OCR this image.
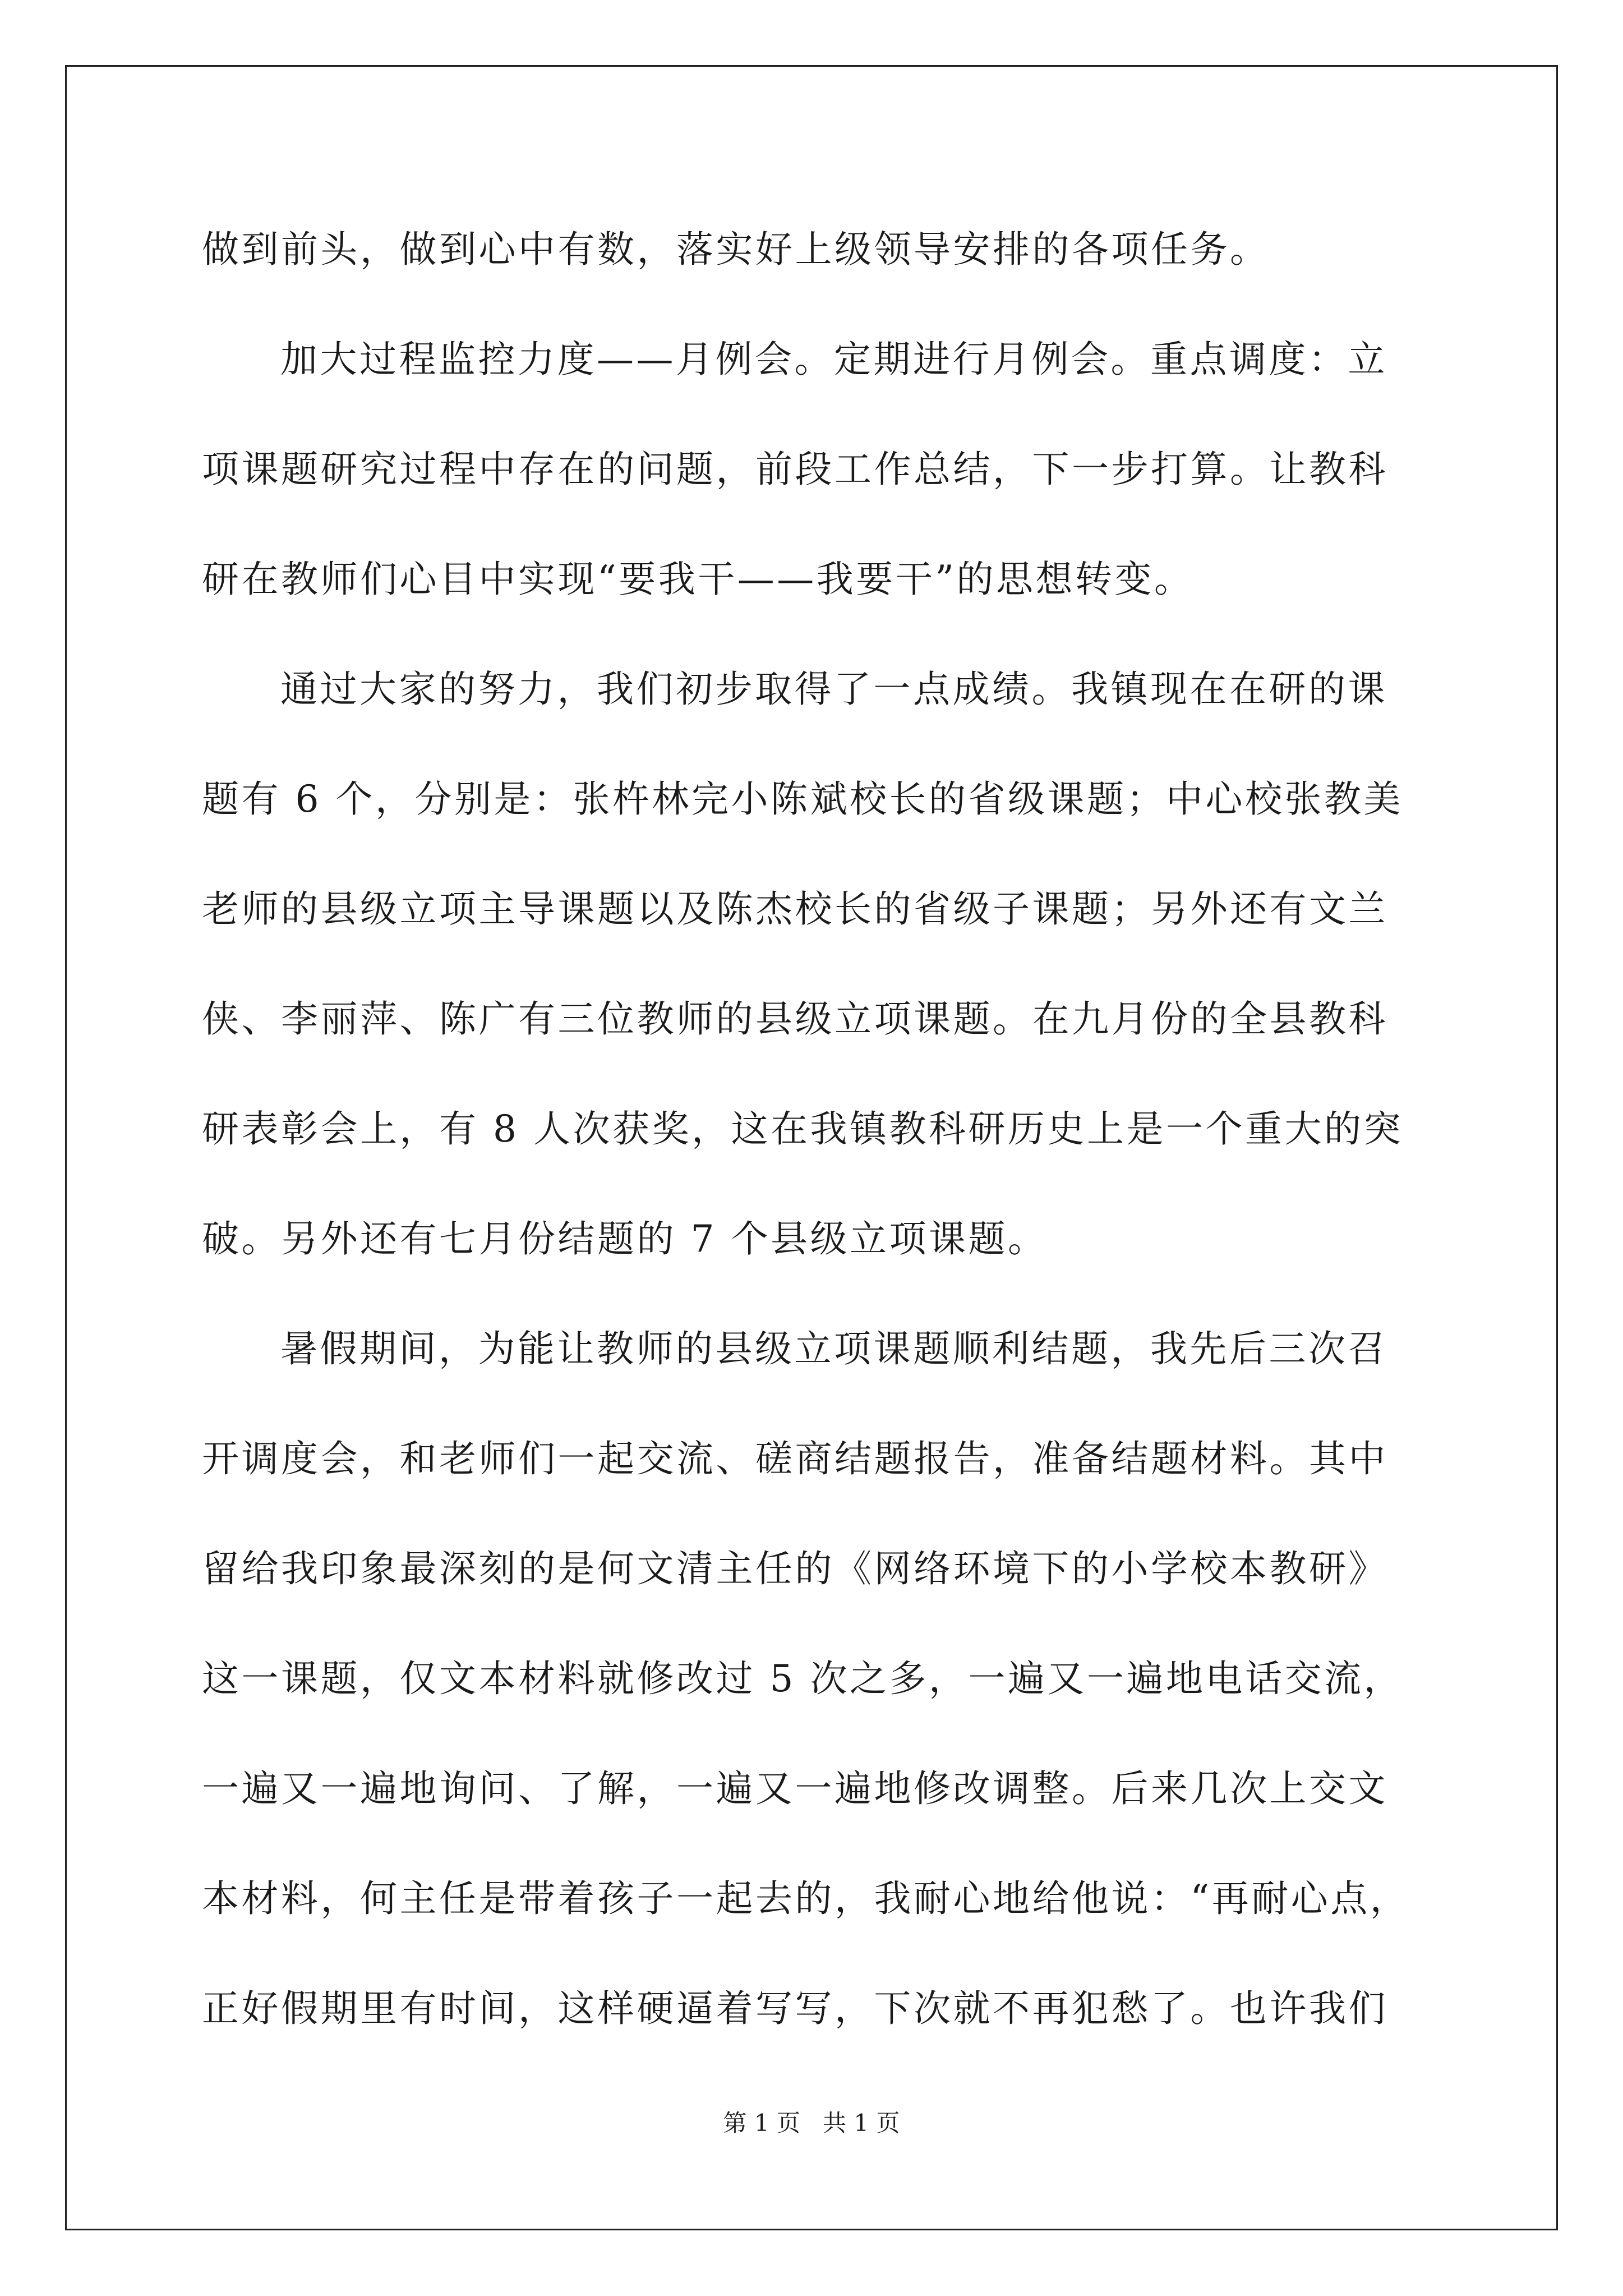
做到前头，做到心中有数，落实好上级领导安排的各项任务。

加大过程监控力度——月例会。定期进行月例会。重点调度：立

项课题研究过程中存在的问题，前段工作总结，下一步打算。让教科

研在教师们心目中实现“要我干——我要干”的思想转变。

通过大家的努力，我们初步取得了一点成绩。我镇现在在研的课

题有 6 个，分别是：张杵林完小陈斌校长的省级课题；中心校张教美

老师的县级立项主导课题以及陈杰校长的省级子课题；另外还有文兰

侠、李丽萍、陈广有三位教师的县级立项课题。在九月份的全县教科

研表彰会上，有 8 人次获奖，这在我镇教科研历史上是一个重大的突

破。另外还有七月份结题的 7 个县级立项课题。

暑假期间，为能让教师的县级立项课题顺利结题，我先后三次召

开调度会，和老师们一起交流、磋商结题报告，准备结题材料。其中

留给我印象最深刻的是何文清主任的《网络环境下的小学校本教研》

这一课题，仅文本材料就修改过 5 次之多，一遍又一遍地电话交流，

一遍又一遍地询问、了解，一遍又一遍地修改调整。后来几次上交文

本材料，何主任是带着孩子一起去的，我耐心地给他说：“再耐心点，

正好假期里有时间，这样硬逼着写写，下次就不再犯愁了。也许我们

第 1 页   共 1 页
